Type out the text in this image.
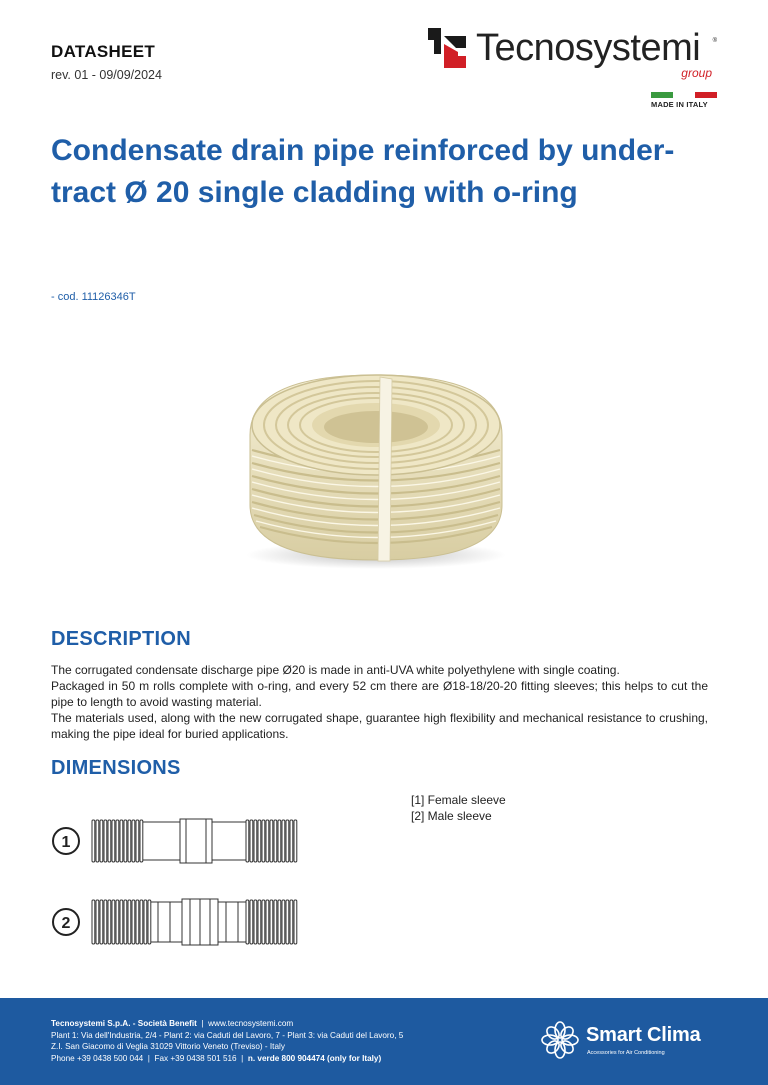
DATASHEET
rev. 01 - 09/09/2024
Tecnosystemi ®
group
MADE IN ITALY
Condensate drain pipe reinforced by under-tract Ø 20 single cladding with o-ring
- cod. 11126346T
DESCRIPTION

The corrugated condensate discharge pipe Ø20 is made in anti-UVA white polyethylene with single coating.

Packaged in 50 m rolls complete with o-ring, and every 52 cm there are Ø18-18/20-20 fitting sleeves; this helps to cut the pipe to length to avoid wasting material.

The materials used, along with the new corrugated shape, guarantee high flexibility and mechanical resistance to crushing, making the pipe ideal for buried applications.

DIMENSIONS
[1] Female sleeve
[2] Male sleeve
1
2
Tecnosystemi S.p.A. - Società Benefit  |  www.tecnosystemi.com
Plant 1: Via dell'Industria, 2/4 - Plant 2: via Caduti del Lavoro, 7 - Plant 3: via Caduti del Lavoro, 5
Z.I. San Giacomo di Veglia 31029 Vittorio Veneto (Treviso) - Italy
Phone +39 0438 500 044  |  Fax +39 0438 501 516  |  n. verde 800 904474 (only for Italy)
Smart Clima
Accessories for Air Conditioning
